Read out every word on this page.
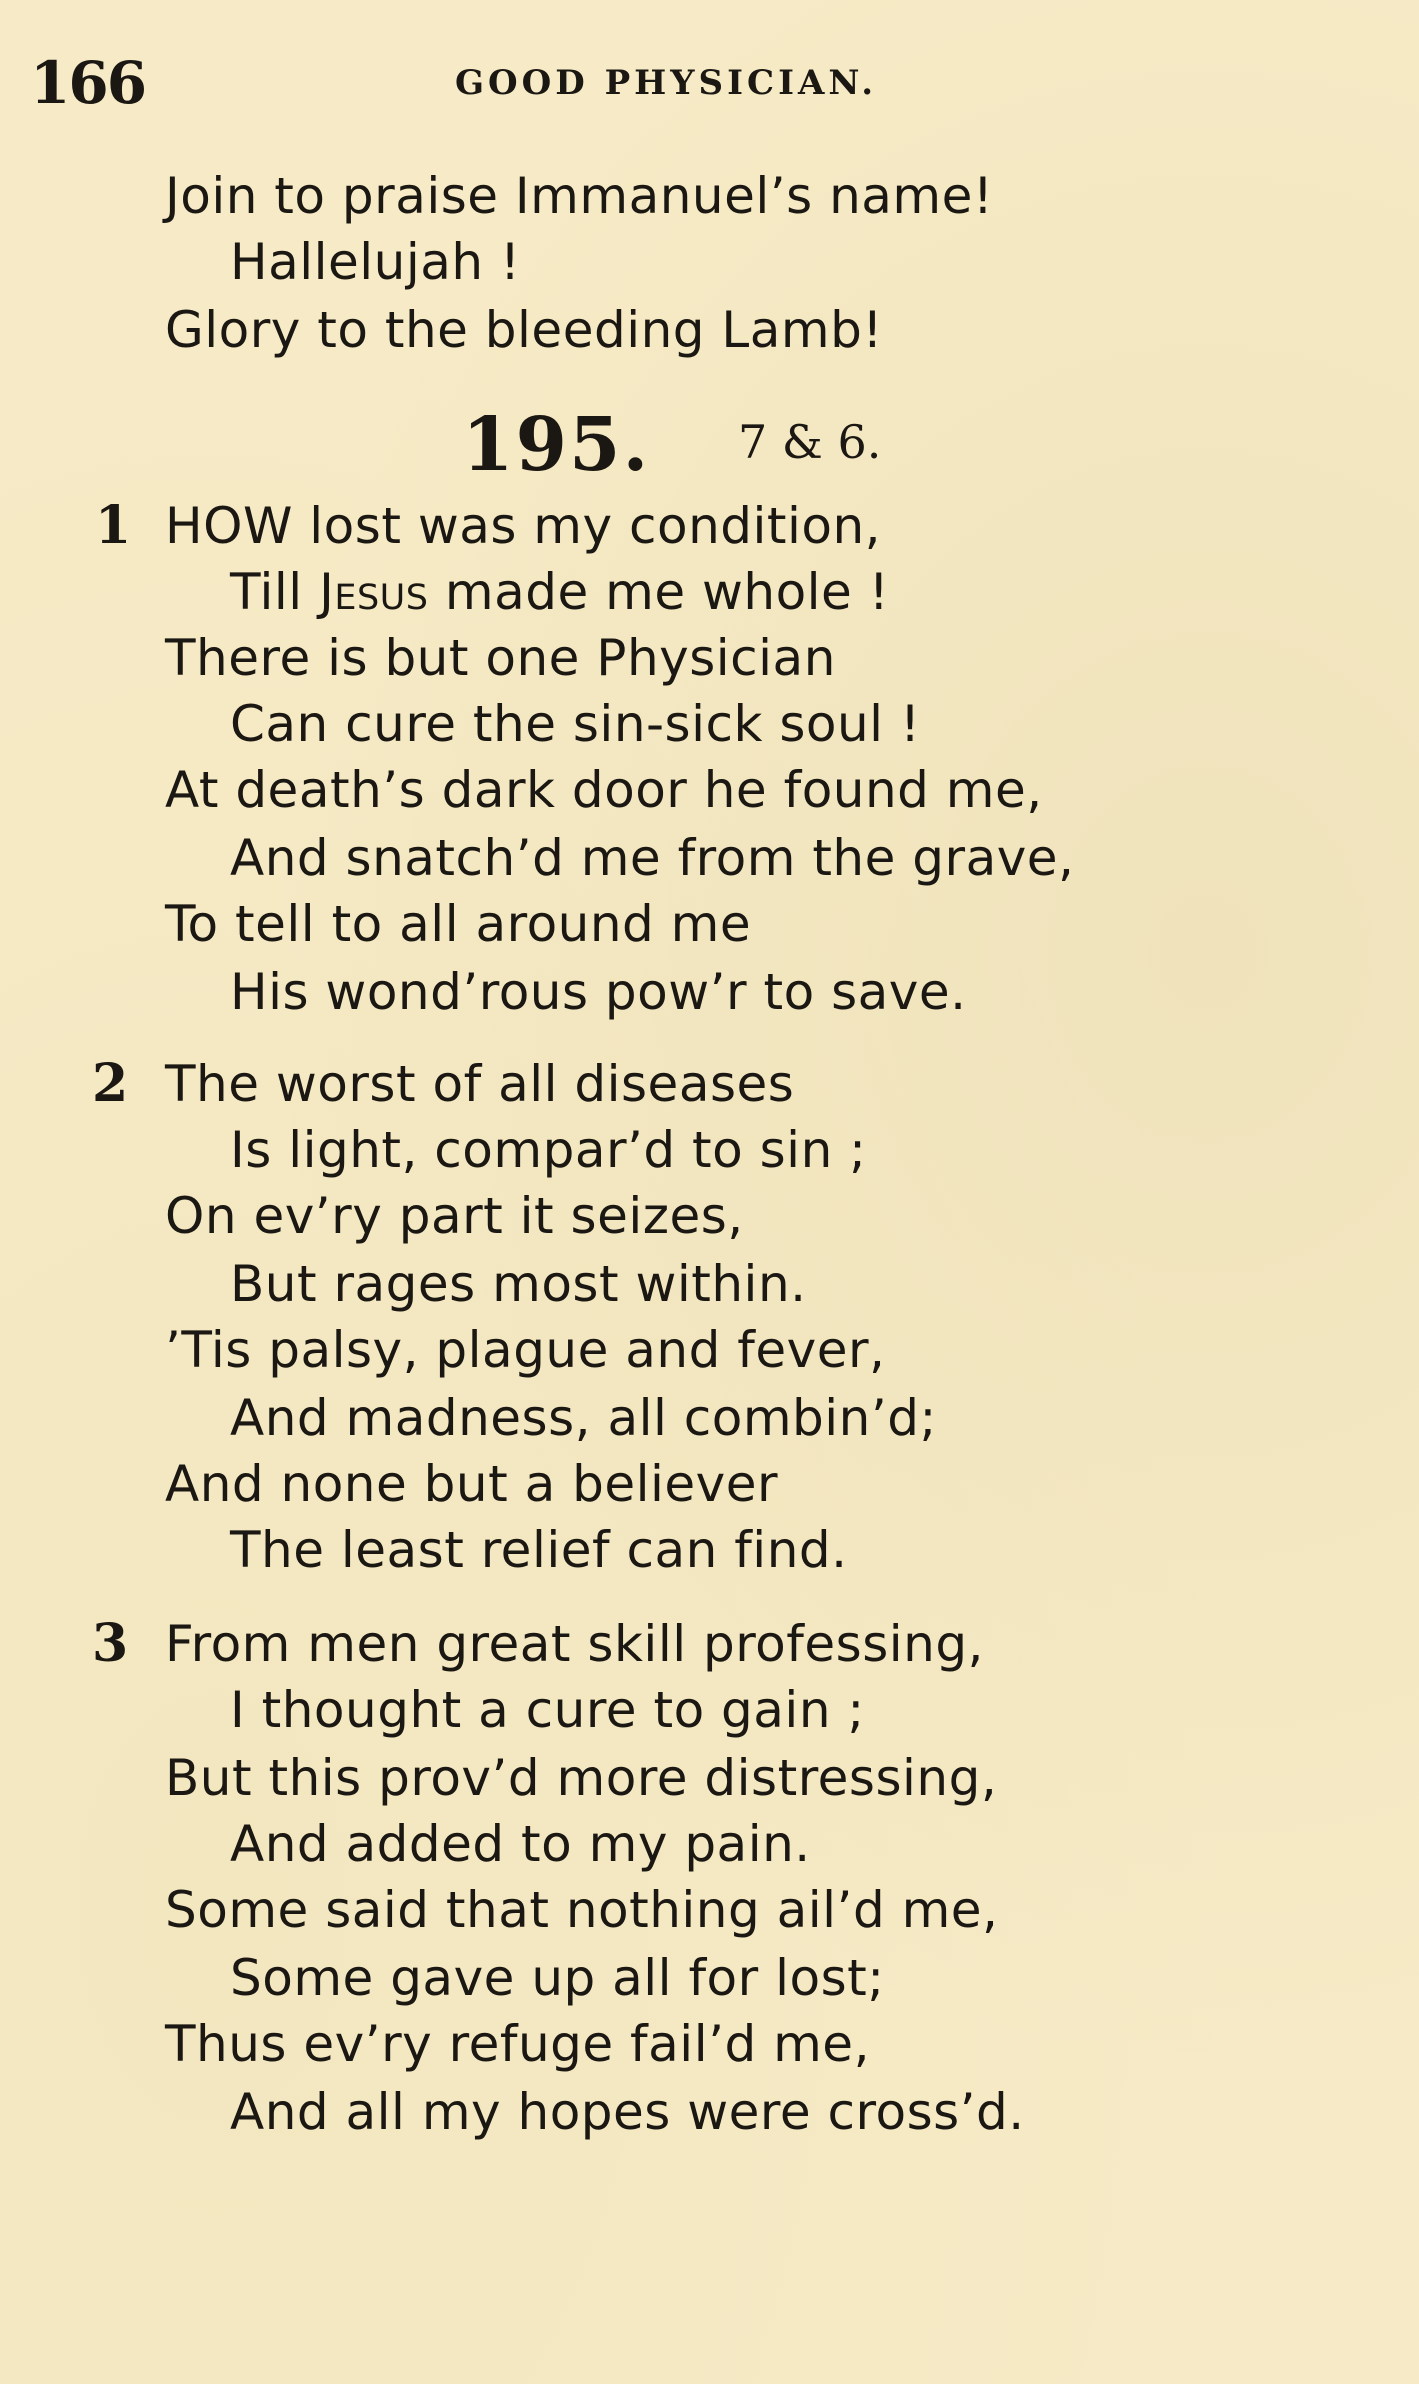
166	GOOD PHYSICIAN.
Join to praise Immanuel’s name!
Hallelujah !
Glory to the bleeding Lamb!
195. 7 & 6.
1 HOW lost was my condition,
Till Jesus made me whole !
There is but one Physician
Can cure the sin-sick soul !
At death’s dark door he found me,
And snatch’d me from the grave,
To tell to all around me
His wond’rous pow’r to save.
2 The worst of all diseases
Is light, compar’d to sin ;
On ev’ry part it seizes,
But rages most within.
’Tis palsy, plague and fever,
And madness, all combin’d;
And none but a believer
The least relief can find.
3 From men great skill professing,
I thought a cure to gain ;
But this prov’d more distressing,
And added to my pain.
Some said that nothing ail’d me,
Some gave up all for lost;
Thus ev’ry refuge fail’d me,
And all my hopes were cross’d.
